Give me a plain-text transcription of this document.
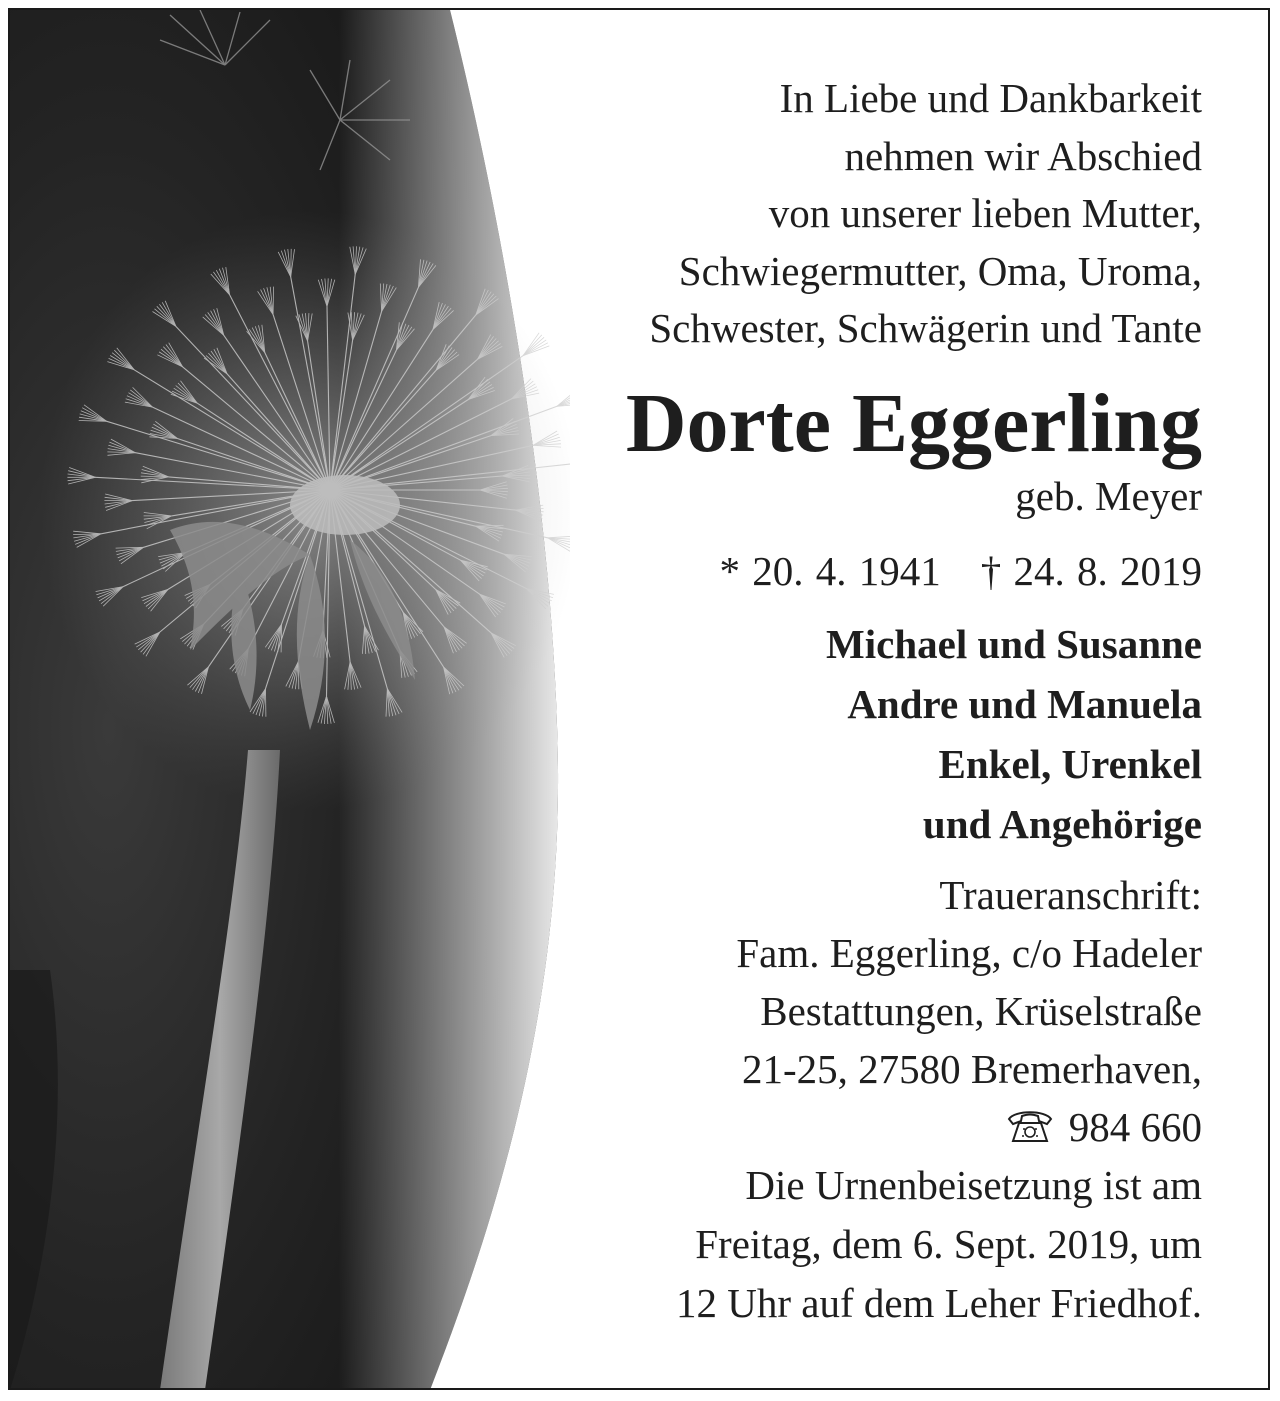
In Liebe und Dankbarkeit
nehmen wir Abschied
von unserer lieben Mutter,
Schwiegermutter, Oma, Uroma,
Schwester, Schwägerin und Tante
Dorte Eggerling
geb. Meyer
* 20. 4. 1941 † 24. 8. 2019
Michael und Susanne
Andre und Manuela
Enkel, Urenkel
und Angehörige
Traueranschrift:
Fam. Eggerling, c/o Hadeler
Bestattungen, Krüselstraße
21-25, 27580 Bremerhaven,
984 660
Die Urnenbeisetzung ist am
Freitag, dem 6. Sept. 2019, um
12 Uhr auf dem Leher Friedhof.
